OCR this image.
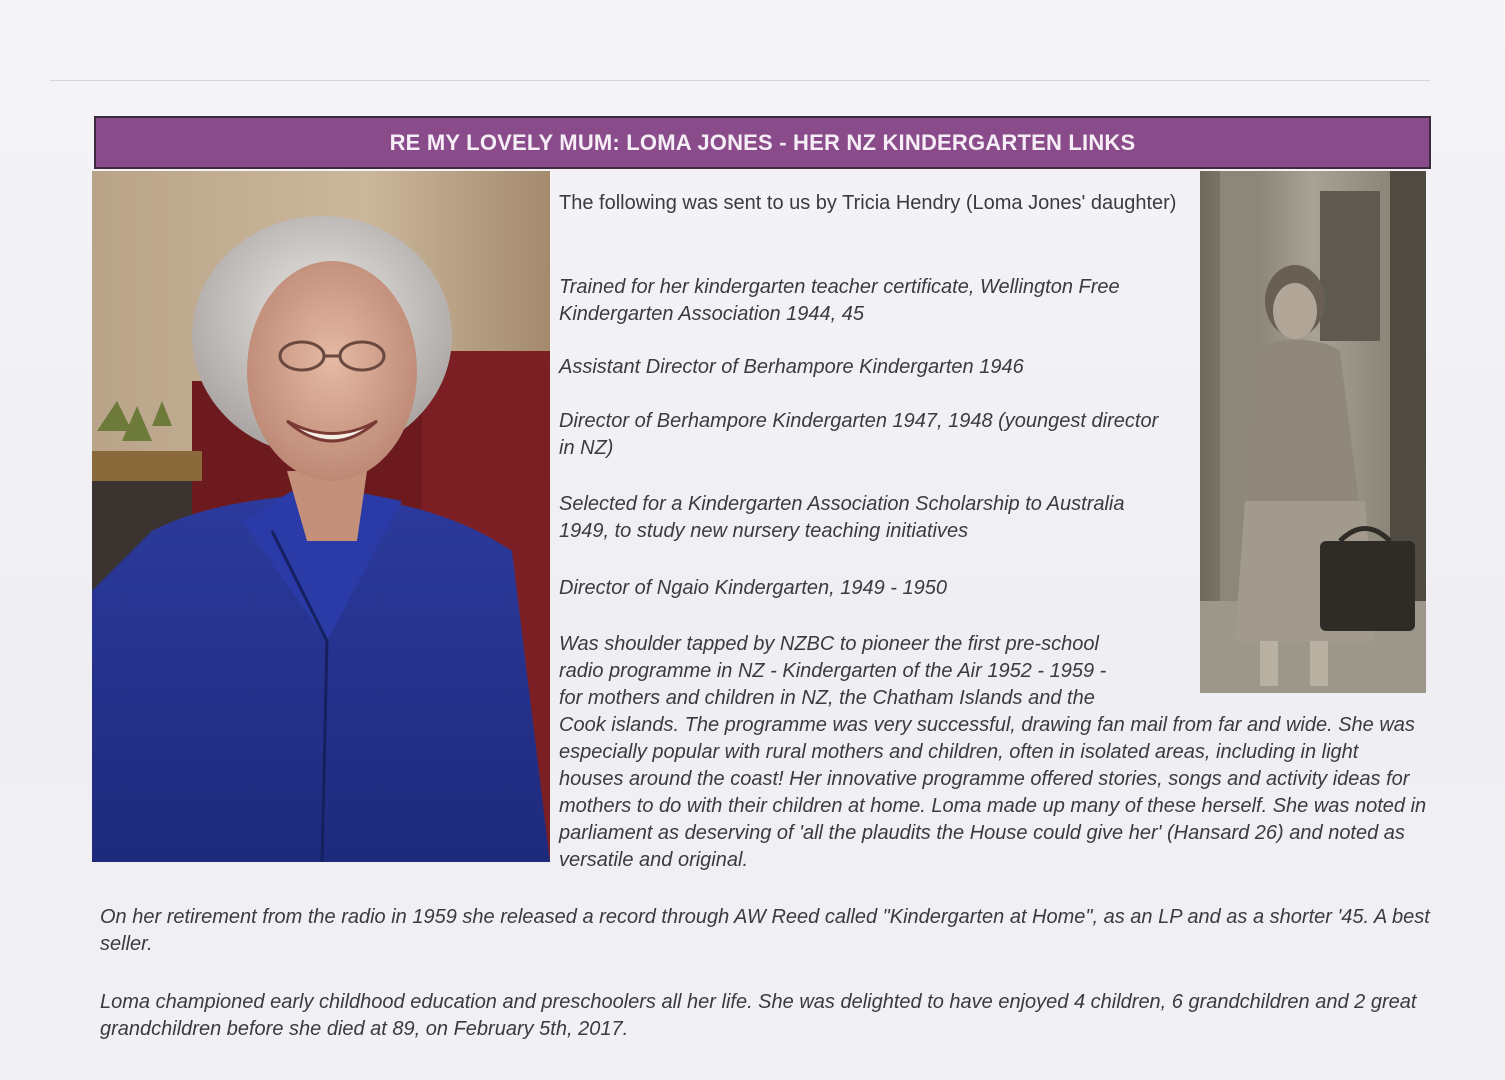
RE MY LOVELY MUM: LOMA JONES - HER NZ KINDERGARTEN LINKS

The following was sent to us by Tricia Hendry (Loma Jones' daughter)

Trained for her kindergarten teacher certificate, Wellington Free Kindergarten Association 1944, 45

Assistant Director of Berhampore Kindergarten 1946

Director of Berhampore Kindergarten 1947, 1948 (youngest director in NZ)

Selected for a Kindergarten Association Scholarship to Australia 1949, to study new nursery teaching initiatives

Director of Ngaio Kindergarten, 1949 - 1950

Was shoulder tapped by NZBC to pioneer the first pre-school
radio programme in NZ - Kindergarten of the Air 1952 - 1959 -
for mothers and children in NZ, the Chatham Islands and the

Cook islands. The programme was very successful, drawing fan mail from far and wide. She was especially popular with rural mothers and children, often in isolated areas, including in light houses around the coast! Her innovative programme offered stories, songs and activity ideas for mothers to do with their children at home. Loma made up many of these herself. She was noted in parliament as deserving of 'all the plaudits the House could give her' (Hansard 26) and noted as versatile and original.

On her retirement from the radio in 1959 she released a record through AW Reed called "Kindergarten at Home", as an LP and as a shorter '45. A best seller.

Loma championed early childhood education and preschoolers all her life. She was delighted to have enjoyed 4 children, 6 grandchildren and 2 great grandchildren before she died at 89, on February 5th, 2017.
